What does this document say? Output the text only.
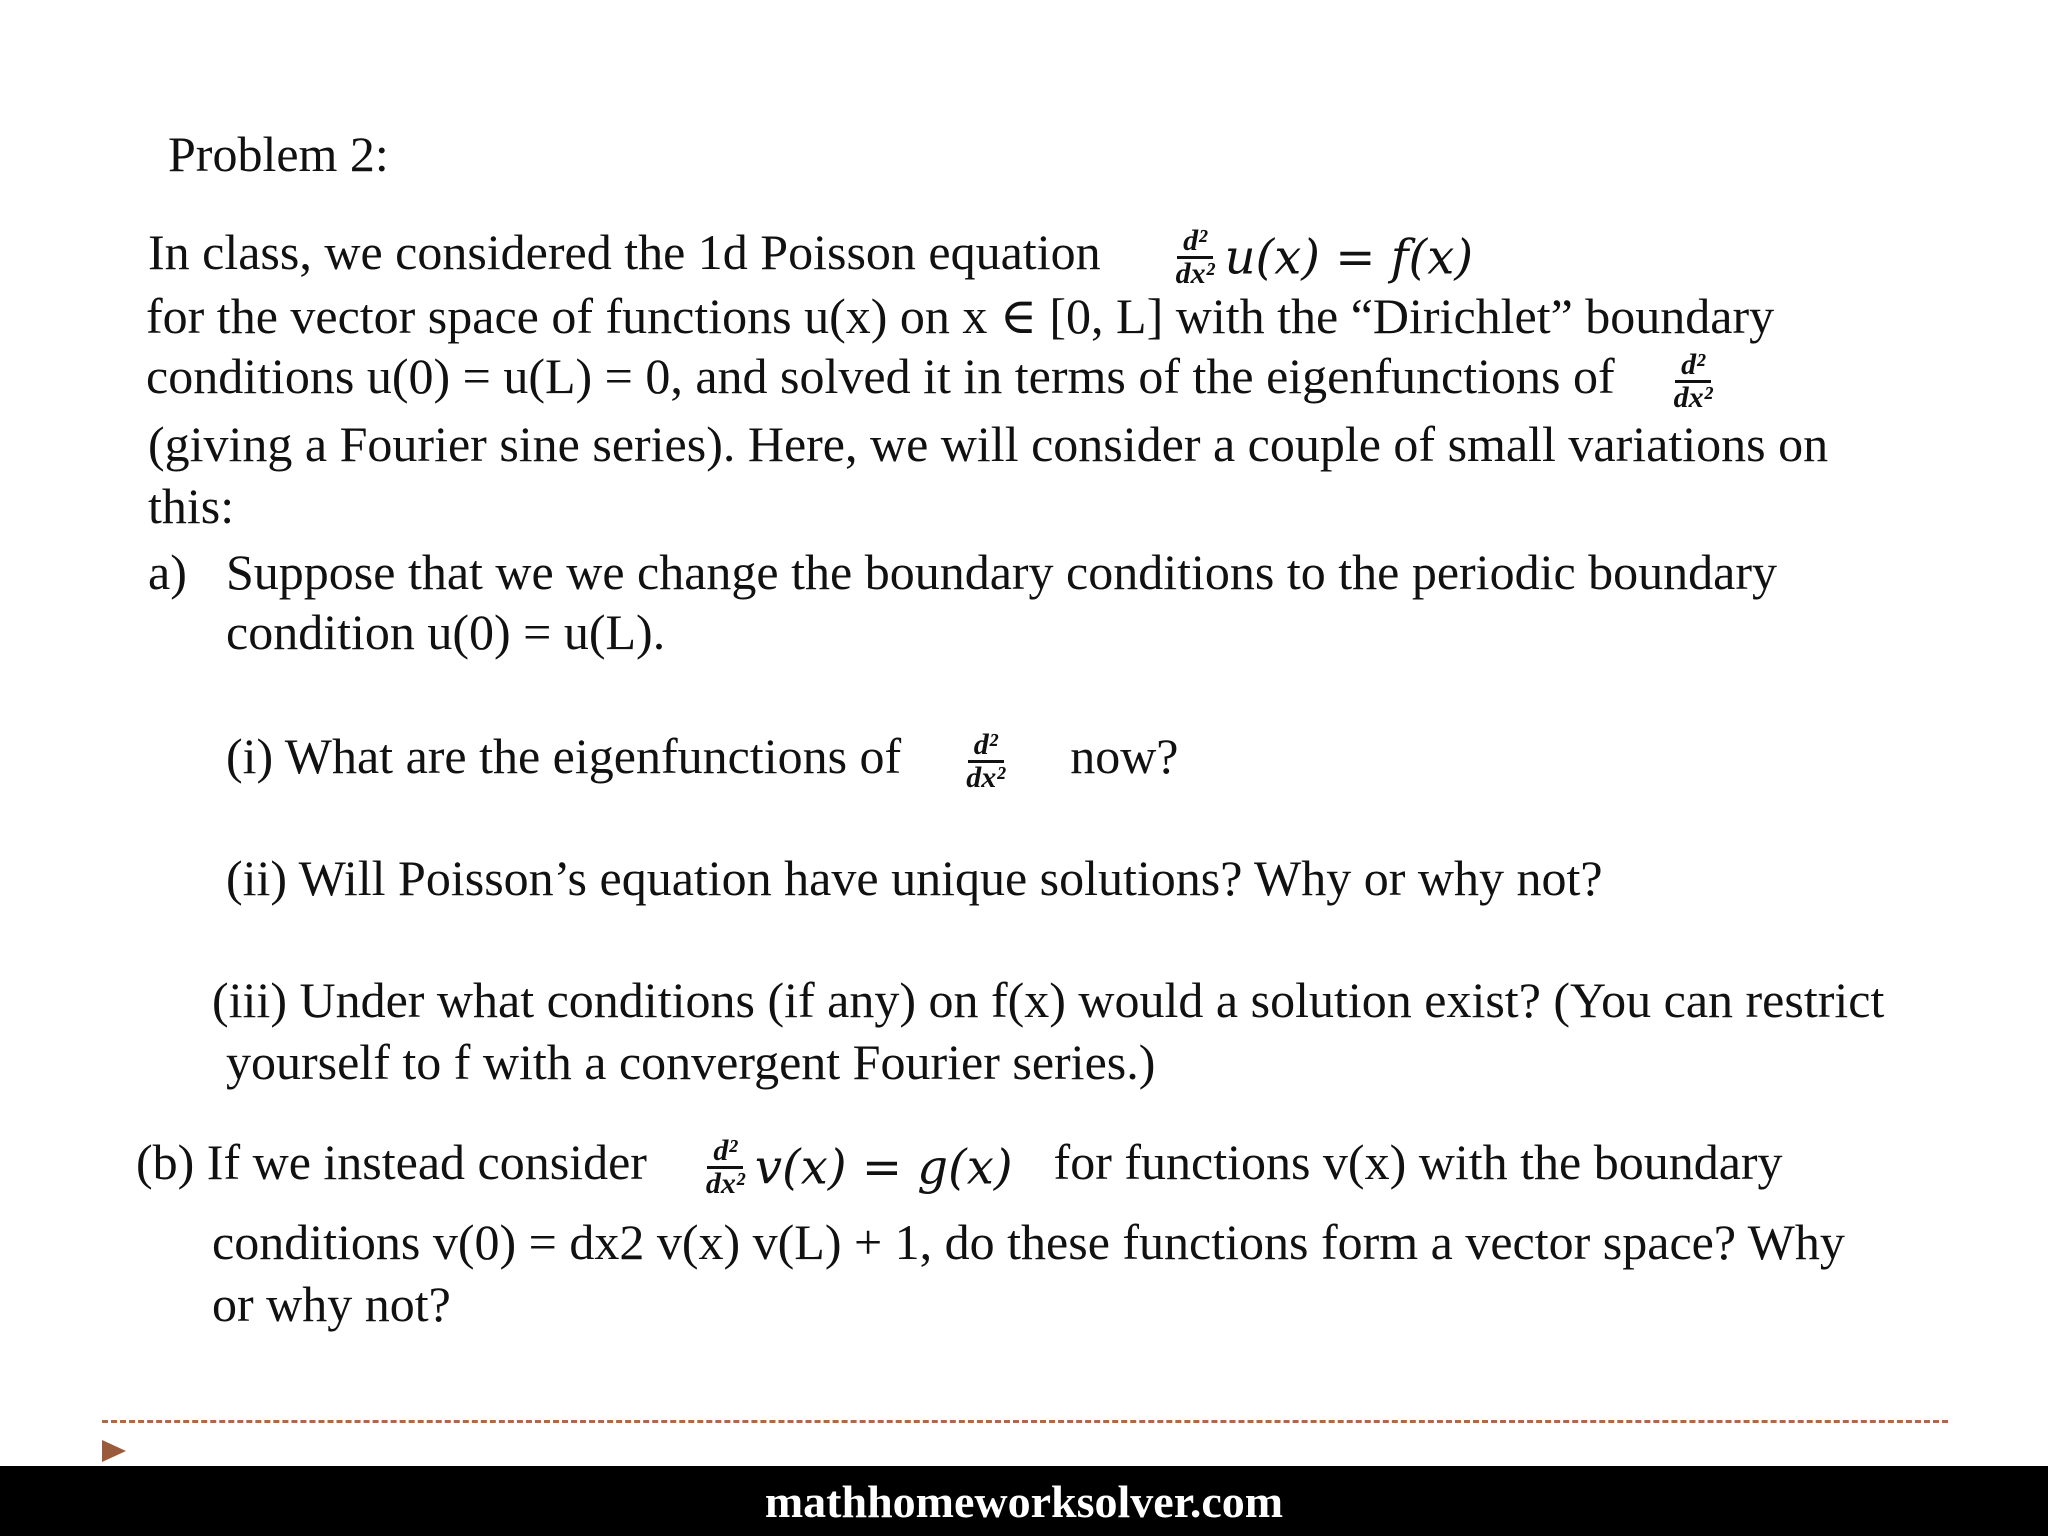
Problem 2:
In class, we considered the 1d Poisson equation $\frac{\text{d²}}{\text{dx²}} u(x) = f(x)$
for the vector space of functions u(x) on x ∈ [0, L] with the “Dirichlet” boundary
conditions u(0) = u(L) = 0, and solved it in terms of the eigenfunctions of $\frac{\text{d²}}{\text{dx²}}$
(giving a Fourier sine series). Here, we will consider a couple of small variations on
this:
a) Suppose that we we change the boundary conditions to the periodic boundary
condition u(0) = u(L).
(i) What are the eigenfunctions of $\frac{\text{d²}}{\text{dx²}}$ now?
(ii) Will Poisson’s equation have unique solutions? Why or why not?
(iii) Under what conditions (if any) on f(x) would a solution exist? (You can restrict
yourself to f with a convergent Fourier series.)
(b) If we instead consider $\frac{\text{d²}}{\text{dx²}} v(x) = g(x)$ for functions v(x) with the boundary
conditions v(0) = dx2 v(x) v(L) + 1, do these functions form a vector space? Why
or why not?
mathhomeworksolver.com
